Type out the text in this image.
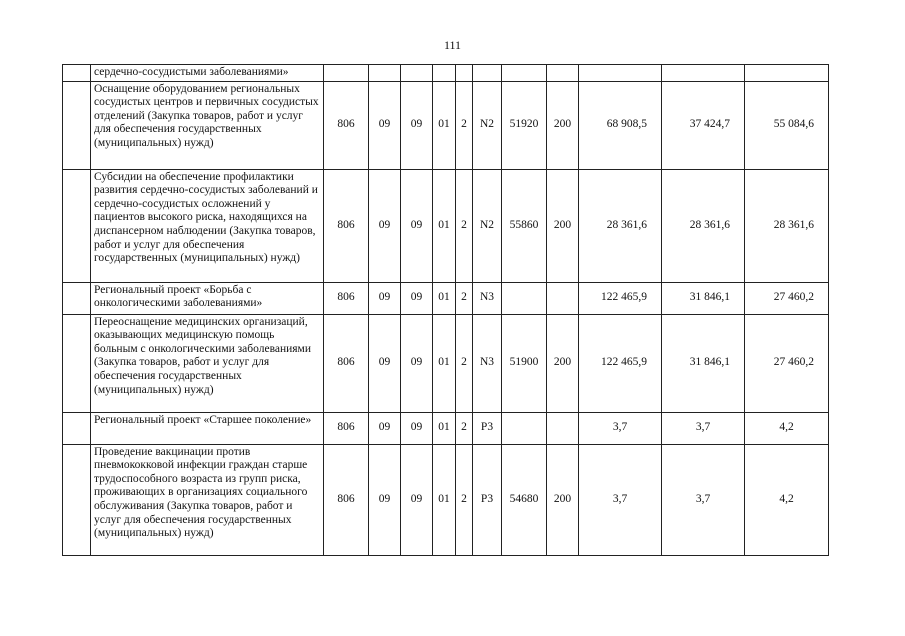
111
	сердечно-сосудистыми заболеваниями»											
	Оснащение оборудованием региональных сосудистых центров и первичных сосудистых отделений (Закупка товаров, работ и услуг для обеспечения государственных (муниципальных) нужд)	806	09	09	01	2	N2	51920	200	68 908,5	37 424,7	55 084,6
	Субсидии на обеспечение профилактики развития сердечно-сосудистых заболеваний и сердечно-сосудистых осложнений у пациентов высокого риска, находящихся на диспансерном наблюдении (Закупка товаров, работ и услуг для обеспечения государственных (муниципальных) нужд)	806	09	09	01	2	N2	55860	200	28 361,6	28 361,6	28 361,6
	Региональный проект «Борьба с онкологическими заболеваниями»	806	09	09	01	2	N3			122 465,9	31 846,1	27 460,2
	Переоснащение медицинских организаций, оказывающих медицинскую помощь больным с онкологическими заболеваниями (Закупка товаров, работ и услуг для обеспечения государственных (муниципальных) нужд)	806	09	09	01	2	N3	51900	200	122 465,9	31 846,1	27 460,2
	Региональный проект «Старшее поколение»	806	09	09	01	2	P3			3,7	3,7	4,2
	Проведение вакцинации против пневмококковой инфекции граждан старше трудоспособного возраста из групп риска, проживающих в организациях социального обслуживания (Закупка товаров, работ и услуг для обеспечения государственных (муниципальных) нужд)	806	09	09	01	2	P3	54680	200	3,7	3,7	4,2
